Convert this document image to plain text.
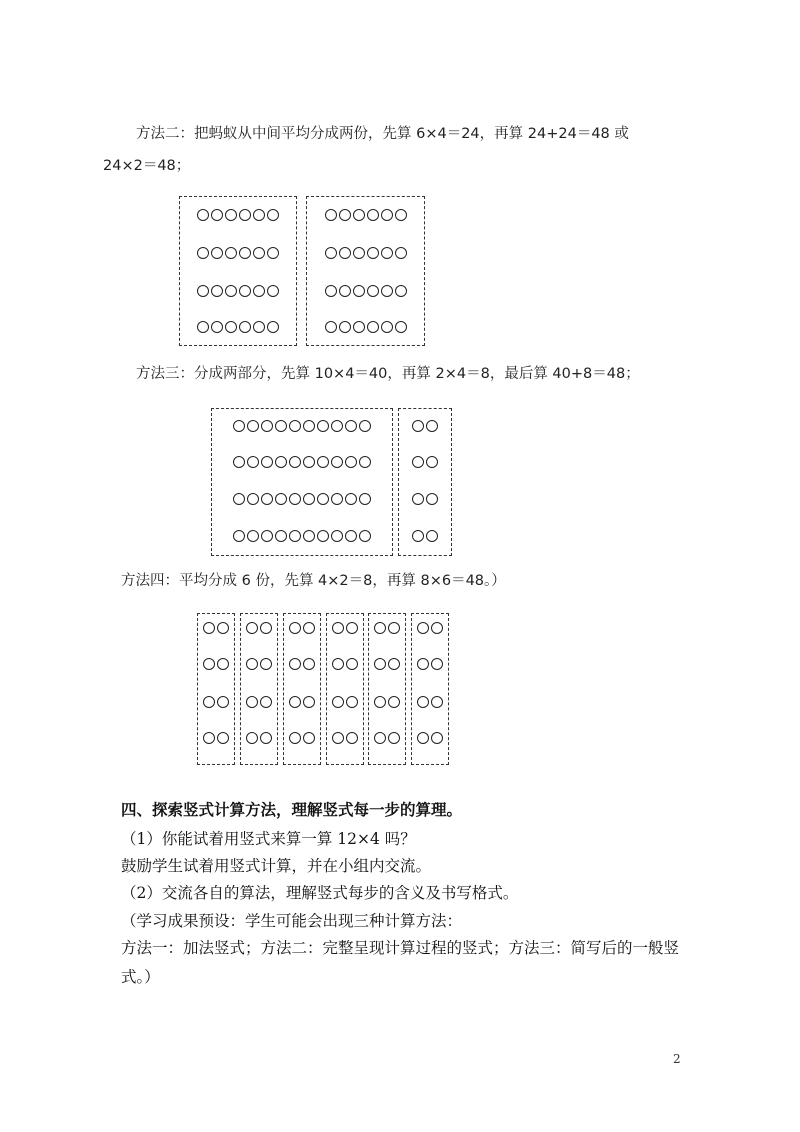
方法二：把蚂蚁从中间平均分成两份，先算 6×4＝24，再算 24+24＝48 或
24×2＝48；
方法三：分成两部分，先算 10×4＝40，再算 2×4＝8，最后算 40+8＝48；
方法四：平均分成 6 份，先算 4×2＝8，再算 8×6＝48。）
四、探索竖式计算方法，理解竖式每一步的算理。
（1）你能试着用竖式来算一算 12×4 吗？
鼓励学生试着用竖式计算，并在小组内交流。
（2）交流各自的算法，理解竖式每步的含义及书写格式。
（学习成果预设：学生可能会出现三种计算方法：
方法一：加法竖式；方法二：完整呈现计算过程的竖式；方法三：简写后的一般竖
式。）
2
